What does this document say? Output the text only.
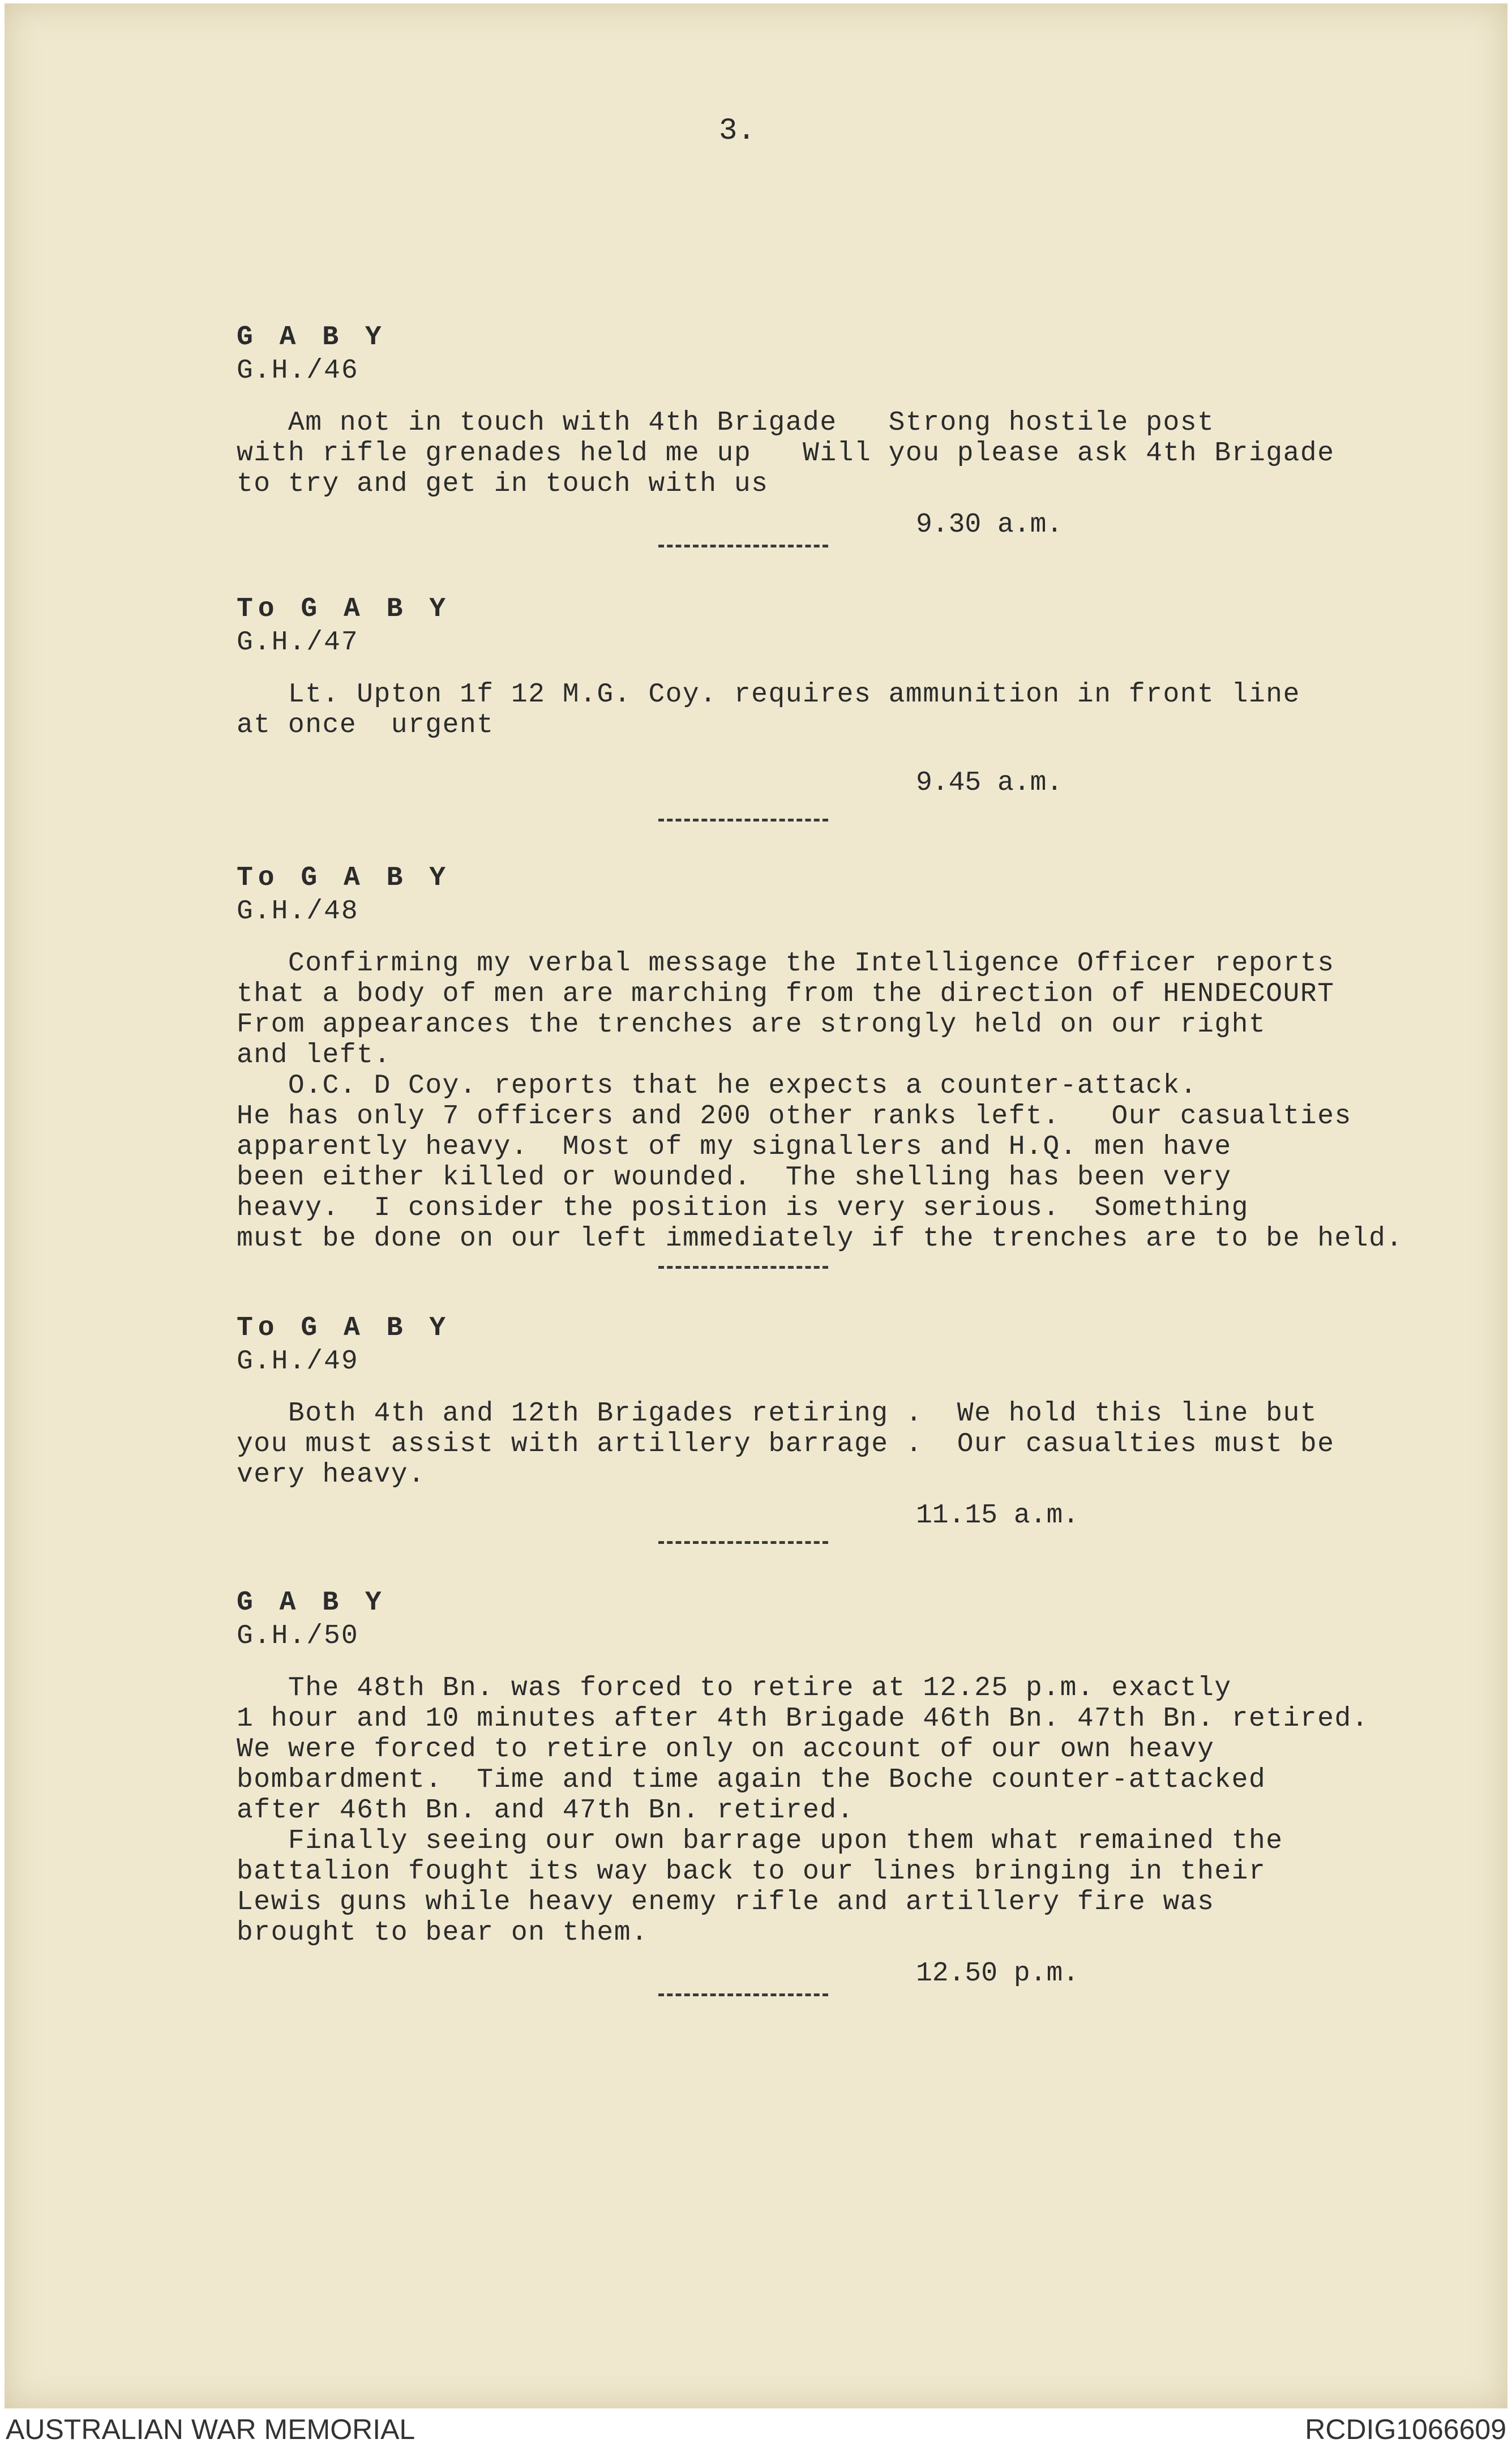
3.
G A B Y
G.H./46
Am not in touch with 4th Brigade   Strong hostile post
with rifle grenades held me up   Will you please ask 4th Brigade
to try and get in touch with us
9.30 a.m.
To G A B Y
G.H./47
Lt. Upton 1f 12 M.G. Coy. requires ammunition in front line
at once  urgent
9.45 a.m.
To G A B Y
G.H./48
Confirming my verbal message the Intelligence Officer reports
that a body of men are marching from the direction of HENDECOURT
From appearances the trenches are strongly held on our right
and left.
O.C. D Coy. reports that he expects a counter-attack.
He has only 7 officers and 200 other ranks left.   Our casualties
apparently heavy.  Most of my signallers and H.Q. men have
been either killed or wounded.  The shelling has been very
heavy.  I consider the position is very serious.  Something
must be done on our left immediately if the trenches are to be held.
To G A B Y
G.H./49
Both 4th and 12th Brigades retiring .  We hold this line but
you must assist with artillery barrage .  Our casualties must be
very heavy.
11.15 a.m.
G A B Y
G.H./50
The 48th Bn. was forced to retire at 12.25 p.m. exactly
1 hour and 10 minutes after 4th Brigade 46th Bn. 47th Bn. retired.
We were forced to retire only on account of our own heavy
bombardment.  Time and time again the Boche counter-attacked
after 46th Bn. and 47th Bn. retired.
Finally seeing our own barrage upon them what remained the
battalion fought its way back to our lines bringing in their
Lewis guns while heavy enemy rifle and artillery fire was
brought to bear on them.
12.50 p.m.
AUSTRALIAN WAR MEMORIAL	RCDIG1066609
